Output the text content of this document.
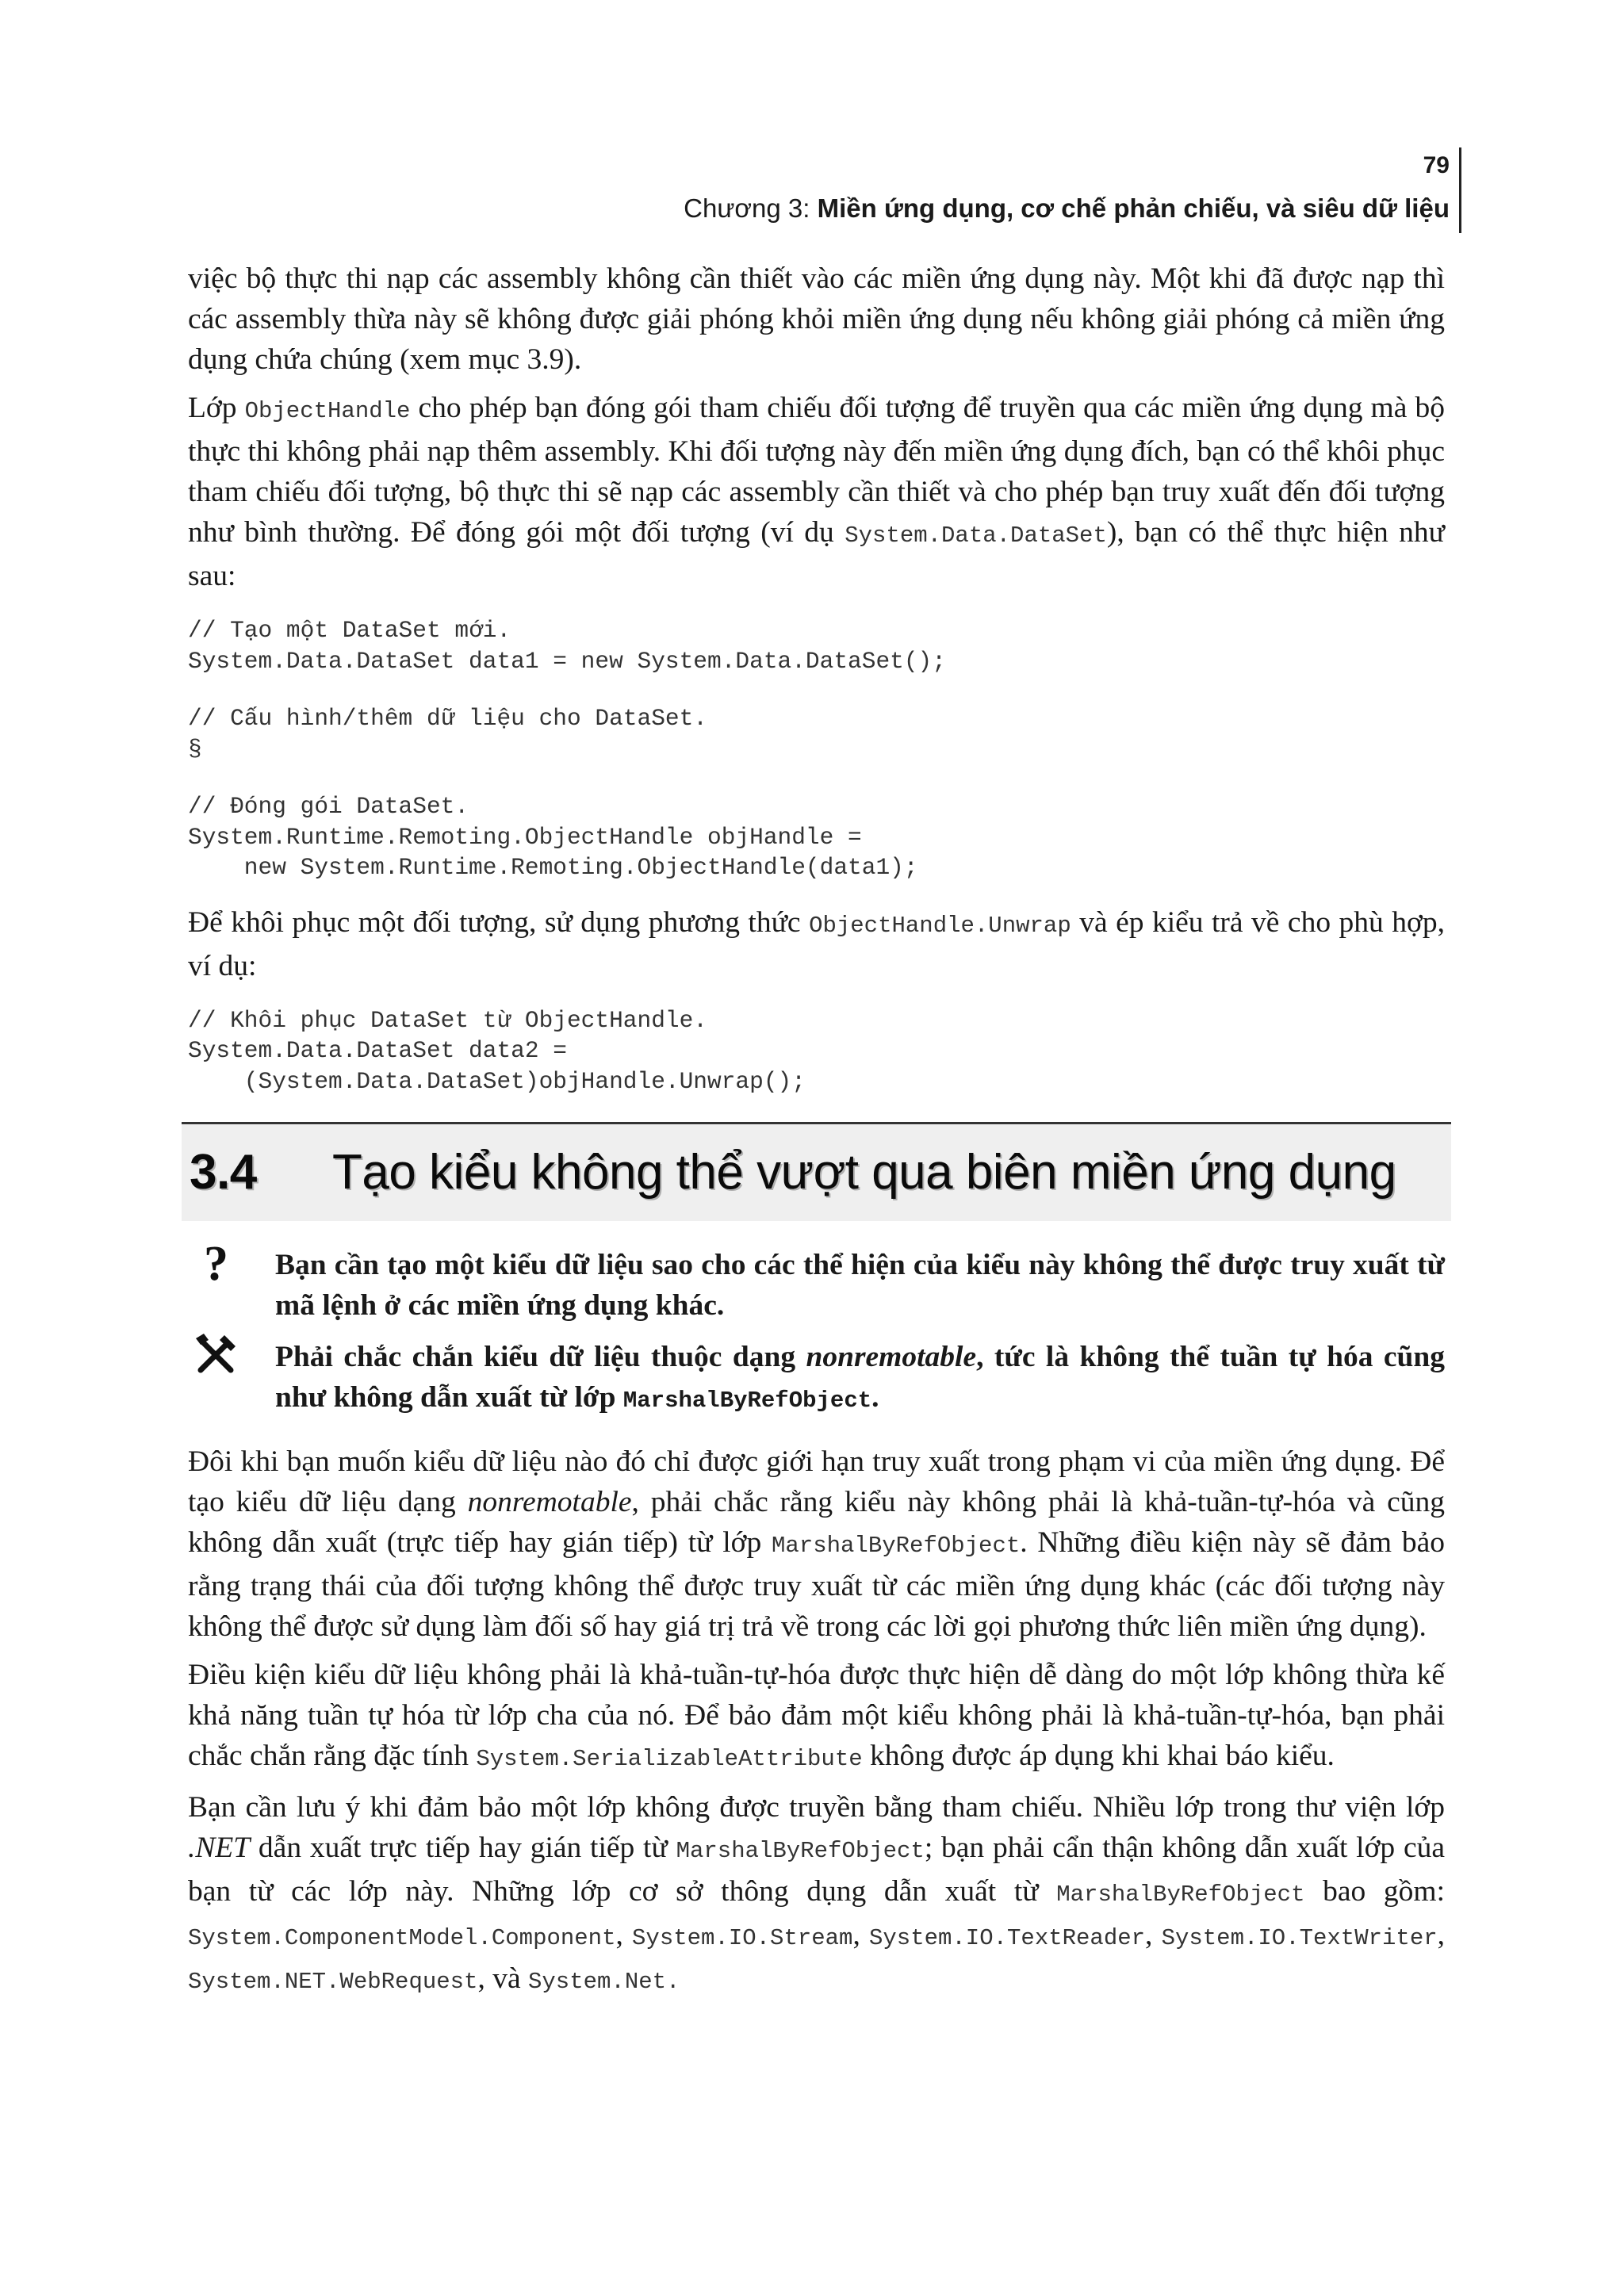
79
Chương 3: Miền ứng dụng, cơ chế phản chiếu, và siêu dữ liệu

việc bộ thực thi nạp các assembly không cần thiết vào các miền ứng dụng này. Một khi đã được nạp thì các assembly thừa này sẽ không được giải phóng khỏi miền ứng dụng nếu không giải phóng cả miền ứng dụng chứa chúng (xem mục 3.9).

Lớp ObjectHandle cho phép bạn đóng gói tham chiếu đối tượng để truyền qua các miền ứng dụng mà bộ thực thi không phải nạp thêm assembly. Khi đối tượng này đến miền ứng dụng đích, bạn có thể khôi phục tham chiếu đối tượng, bộ thực thi sẽ nạp các assembly cần thiết và cho phép bạn truy xuất đến đối tượng như bình thường. Để đóng gói một đối tượng (ví dụ System.Data.DataSet), bạn có thể thực hiện như sau:

// Tạo một DataSet mới.
System.Data.DataSet data1 = new System.Data.DataSet();
// Cấu hình/thêm dữ liệu cho DataSet.
§
// Đóng gói DataSet.
System.Runtime.Remoting.ObjectHandle objHandle =
new System.Runtime.Remoting.ObjectHandle(data1);

Để khôi phục một đối tượng, sử dụng phương thức ObjectHandle.Unwrap và ép kiểu trả về cho phù hợp, ví dụ:

// Khôi phục DataSet từ ObjectHandle.
System.Data.DataSet data2 =
(System.Data.DataSet)objHandle.Unwrap();
3.4 Tạo kiểu không thể vượt qua biên miền ứng dụng
? Bạn cần tạo một kiểu dữ liệu sao cho các thể hiện của kiểu này không thể được truy xuất từ mã lệnh ở các miền ứng dụng khác.

Phải chắc chắn kiểu dữ liệu thuộc dạng nonremotable, tức là không thể tuần tự hóa cũng như không dẫn xuất từ lớp MarshalByRefObject.

Đôi khi bạn muốn kiểu dữ liệu nào đó chỉ được giới hạn truy xuất trong phạm vi của miền ứng dụng. Để tạo kiểu dữ liệu dạng nonremotable, phải chắc rằng kiểu này không phải là khả-tuần-tự-hóa và cũng không dẫn xuất (trực tiếp hay gián tiếp) từ lớp MarshalByRefObject. Những điều kiện này sẽ đảm bảo rằng trạng thái của đối tượng không thể được truy xuất từ các miền ứng dụng khác (các đối tượng này không thể được sử dụng làm đối số hay giá trị trả về trong các lời gọi phương thức liên miền ứng dụng).

Điều kiện kiểu dữ liệu không phải là khả-tuần-tự-hóa được thực hiện dễ dàng do một lớp không thừa kế khả năng tuần tự hóa từ lớp cha của nó. Để bảo đảm một kiểu không phải là khả-tuần-tự-hóa, bạn phải chắc chắn rằng đặc tính System.SerializableAttribute không được áp dụng khi khai báo kiểu.

Bạn cần lưu ý khi đảm bảo một lớp không được truyền bằng tham chiếu. Nhiều lớp trong thư viện lớp .NET dẫn xuất trực tiếp hay gián tiếp từ MarshalByRefObject; bạn phải cẩn thận không dẫn xuất lớp của bạn từ các lớp này. Những lớp cơ sở thông dụng dẫn xuất từ MarshalByRefObject bao gồm: System.ComponentModel.Component, System.IO.Stream, System.IO.TextReader, System.IO.TextWriter, System.NET.WebRequest, và System.Net.
